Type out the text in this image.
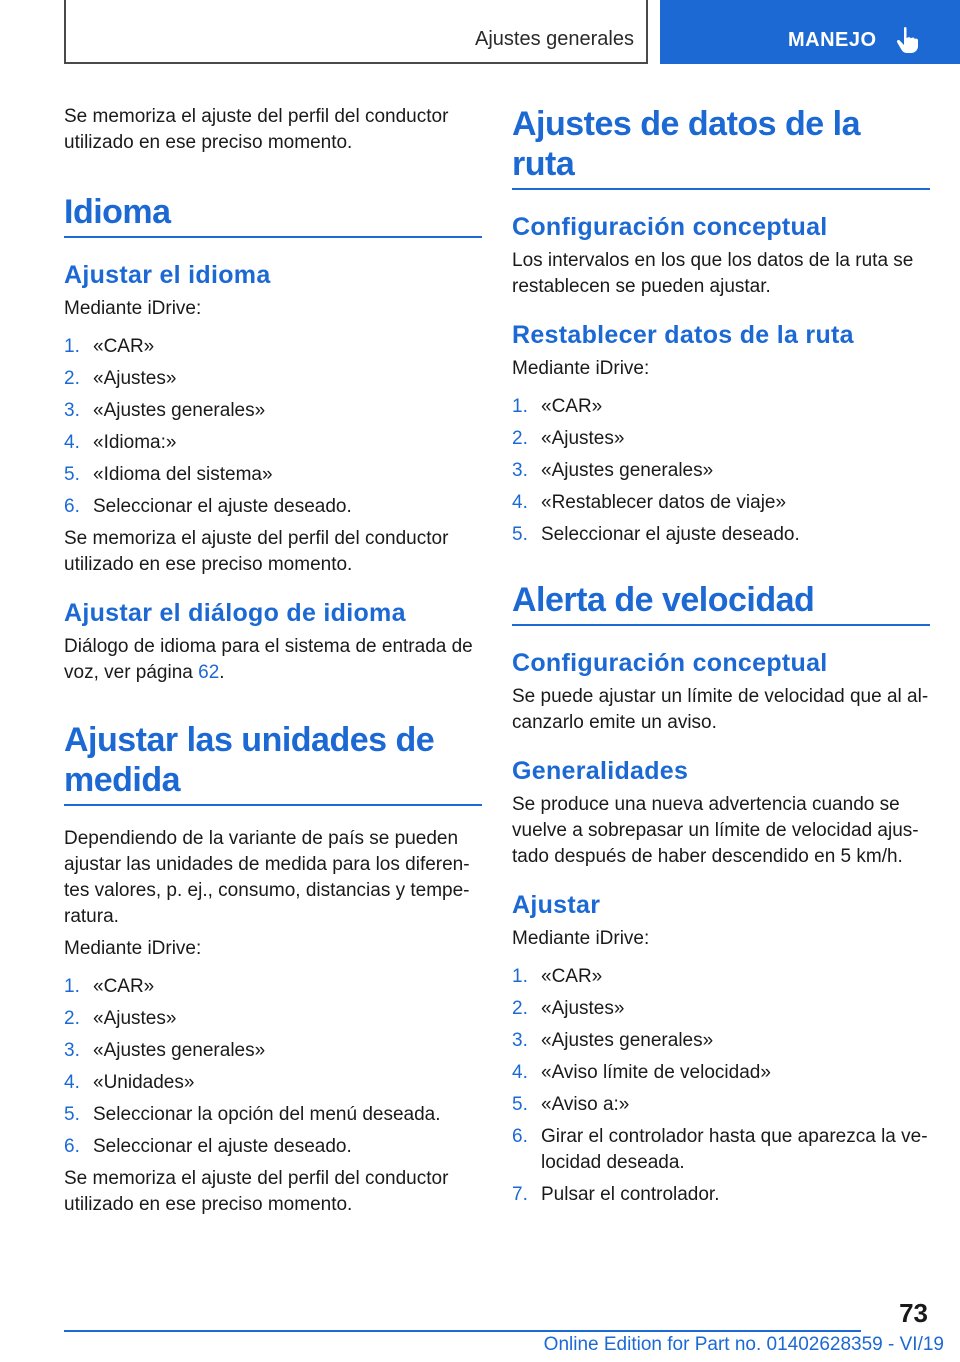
Ajustes generales	MANEJO

Se memoriza el ajuste del perfil del conductor utilizado en ese preciso momento.

Idioma
Ajustar el idioma

Mediante iDrive:

1. «CAR»
2. «Ajustes»
3. «Ajustes generales»
4. «Idioma:»
5. «Idioma del sistema»
6. Seleccionar el ajuste deseado.

Se memoriza el ajuste del perfil del conductor utilizado en ese preciso momento.

Ajustar el diálogo de idioma

Diálogo de idioma para el sistema de entrada de voz, ver página 62.

Ajustar las unidades de medida

Dependiendo de la variante de país se pueden ajustar las unidades de medida para los diferen-tes valores, p. ej., consumo, distancias y tempe-ratura.

Mediante iDrive:

1. «CAR»
2. «Ajustes»
3. «Ajustes generales»
4. «Unidades»
5. Seleccionar la opción del menú deseada.
6. Seleccionar el ajuste deseado.

Se memoriza el ajuste del perfil del conductor utilizado en ese preciso momento.

Ajustes de datos de la ruta
Configuración conceptual

Los intervalos en los que los datos de la ruta se restablecen se pueden ajustar.

Restablecer datos de la ruta

Mediante iDrive:

1. «CAR»
2. «Ajustes»
3. «Ajustes generales»
4. «Restablecer datos de viaje»
5. Seleccionar el ajuste deseado.
Alerta de velocidad
Configuración conceptual

Se puede ajustar un límite de velocidad que al al-canzarlo emite un aviso.

Generalidades

Se produce una nueva advertencia cuando se vuelve a sobrepasar un límite de velocidad ajus-tado después de haber descendido en 5 km/h.

Ajustar

Mediante iDrive:

1. «CAR»
2. «Ajustes»
3. «Ajustes generales»
4. «Aviso límite de velocidad»
5. «Aviso a:»
6. Girar el controlador hasta que aparezca la ve-locidad deseada.
7. Pulsar el controlador.
73
Online Edition for Part no. 01402628359 - VI/19
